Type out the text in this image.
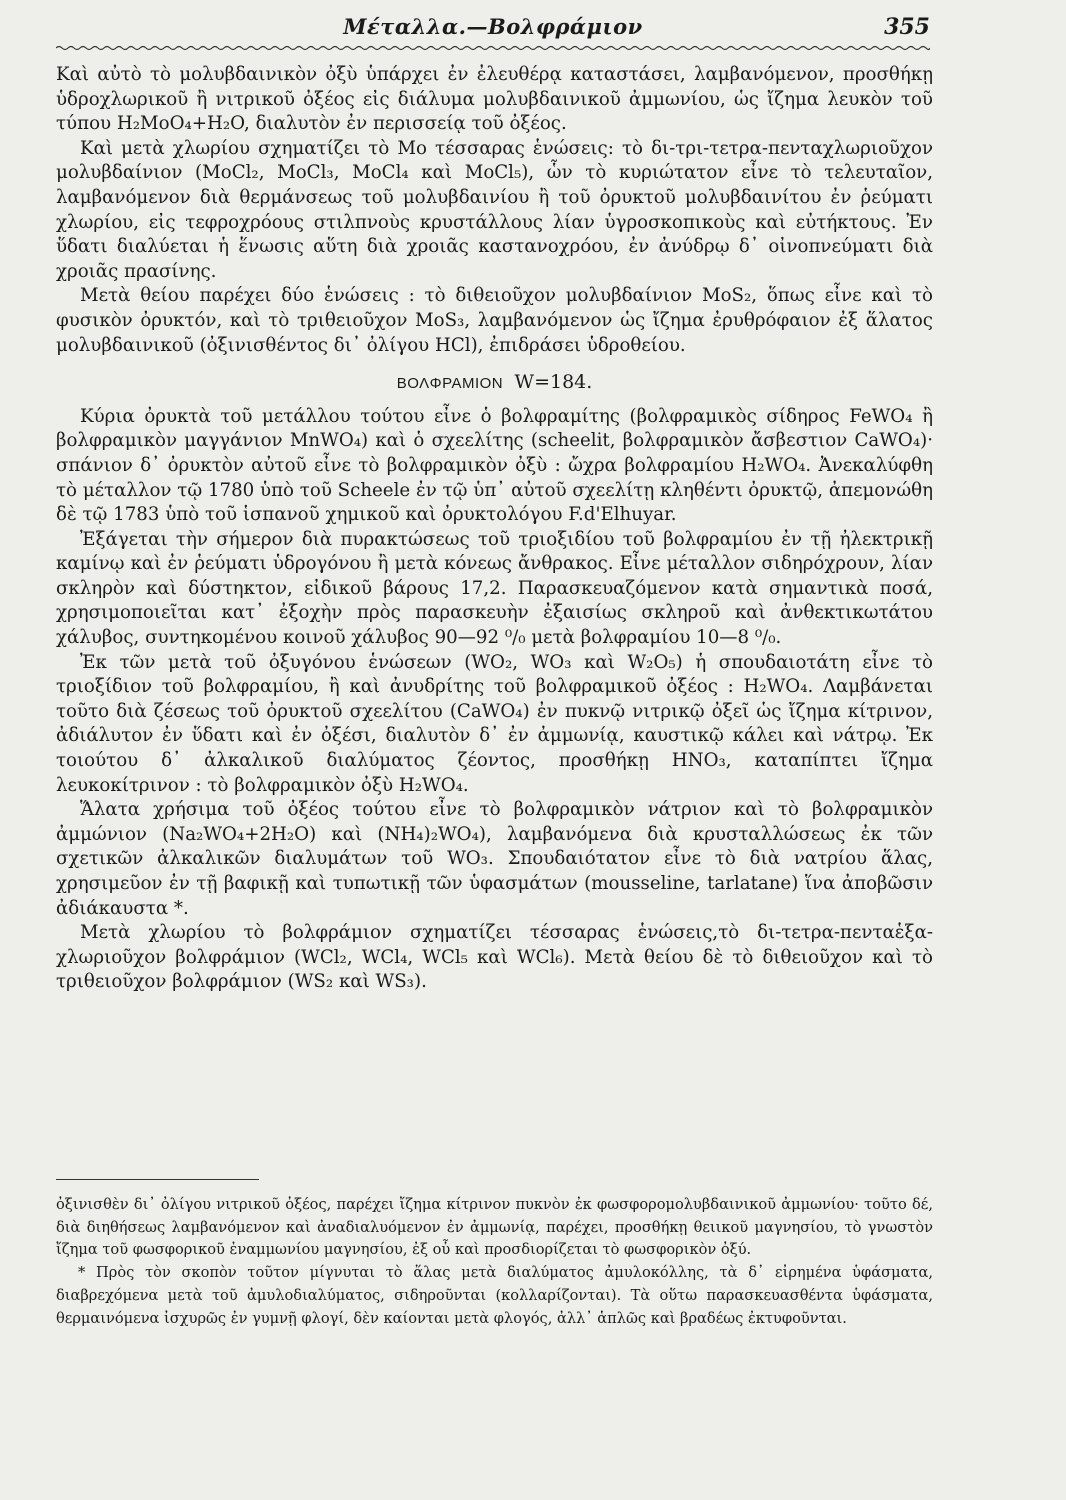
Μέταλλα.—Βολφράμιον	355

Καὶ αὐτὸ τὸ μολυβδαινικὸν ὀξὺ ὑπάρχει ἐν ἐλευθέρᾳ καταστάσει, λαμβανόμενον, προσθήκῃ ὑδροχλωρικοῦ ἢ νιτρικοῦ ὀξέος εἰς διάλυμα μολυβδαινικοῦ ἀμμωνίου, ὡς ἴζημα λευκὸν τοῦ τύπου H₂MoO₄+H₂O, διαλυτὸν ἐν περισσείᾳ τοῦ ὀξέος.

Καὶ μετὰ χλωρίου σχηματίζει τὸ Mo τέσσαρας ἑνώσεις: τὸ δι-τρι-τετρα-πενταχλωριοῦχον μολυβδαίνιον (MoCl₂, MoCl₃, MoCl₄ καὶ MoCl₅), ὧν τὸ κυριώτατον εἶνε τὸ τελευταῖον, λαμβανόμενον διὰ θερμάνσεως τοῦ μολυβδαινίου ἢ τοῦ ὀρυκτοῦ μολυβδαινίτου ἐν ῥεύματι χλωρίου, εἰς τεφροχρόους στιλπνοὺς κρυστάλλους λίαν ὑγροσκοπικοὺς καὶ εὐτήκτους. Ἐν ὕδατι διαλύεται ἡ ἕνωσις αὕτη διὰ χροιᾶς καστανοχρόου, ἐν ἀνύδρῳ δ᾽ οἰνοπνεύματι διὰ χροιᾶς πρασίνης.

Μετὰ θείου παρέχει δύο ἑνώσεις : τὸ διθειοῦχον μολυβδαίνιον MoS₂, ὅπως εἶνε καὶ τὸ φυσικὸν ὀρυκτόν, καὶ τὸ τριθειοῦχον MoS₃, λαμβανόμενον ὡς ἴζημα ἐρυθρόφαιον ἐξ ἅλατος μολυβδαινικοῦ (ὀξινισθέντος δι᾽ ὀλίγου HCl), ἐπιδράσει ὑδροθείου.

ΒΟΛΦΡΑΜΙΟΝ W=184.

Κύρια ὀρυκτὰ τοῦ μετάλλου τούτου εἶνε ὁ βολφραμίτης (βολφραμικὸς σίδηρος FeWO₄ ἢ βολφραμικὸν μαγγάνιον MnWO₄) καὶ ὁ σχεελίτης (scheelit, βολφραμικὸν ἄσβεστιον CaWO₄)· σπάνιον δ᾽ ὀρυκτὸν αὐτοῦ εἶνε τὸ βολφραμικὸν ὀξὺ : ὤχρα βολφραμίου H₂WO₄. Ἀνεκαλύφθη τὸ μέταλλον τῷ 1780 ὑπὸ τοῦ Scheele ἐν τῷ ὑπ᾽ αὐτοῦ σχεελίτῃ κληθέντι ὀρυκτῷ, ἀπεμονώθη δὲ τῷ 1783 ὑπὸ τοῦ ἱσπανοῦ χημικοῦ καὶ ὀρυκτολόγου F.d'Elhuyar.

Ἐξάγεται τὴν σήμερον διὰ πυρακτώσεως τοῦ τριοξιδίου τοῦ βολφραμίου ἐν τῇ ἠλεκτρικῇ καμίνῳ καὶ ἐν ῥεύματι ὑδρογόνου ἢ μετὰ κόνεως ἄνθρακος. Εἶνε μέταλλον σιδηρόχρουν, λίαν σκληρὸν καὶ δύστηκτον, εἰδικοῦ βάρους 17,2. Παρασκευαζόμενον κατὰ σημαντικὰ ποσά, χρησιμοποιεῖται κατ᾽ ἐξοχὴν πρὸς παρασκευὴν ἐξαισίως σκληροῦ καὶ ἀνθεκτικωτάτου χάλυβος, συντηκομένου κοινοῦ χάλυβος 90—92 ⁰/₀ μετὰ βολφραμίου 10—8 ⁰/₀.

Ἐκ τῶν μετὰ τοῦ ὀξυγόνου ἑνώσεων (WO₂, WO₃ καὶ W₂O₅) ἡ σπουδαιοτάτη εἶνε τὸ τριοξίδιον τοῦ βολφραμίου, ἢ καὶ ἀνυδρίτης τοῦ βολφραμικοῦ ὀξέος : H₂WO₄. Λαμβάνεται τοῦτο διὰ ζέσεως τοῦ ὀρυκτοῦ σχεελίτου (CaWO₄) ἐν πυκνῷ νιτρικῷ ὀξεῖ ὡς ἴζημα κίτρινον, ἀδιάλυτον ἐν ὕδατι καὶ ἐν ὀξέσι, διαλυτὸν δ᾽ ἐν ἀμμωνίᾳ, καυστικῷ κάλει καὶ νάτρῳ. Ἐκ τοιούτου δ᾽ ἀλκαλικοῦ διαλύματος ζέοντος, προσθήκῃ HNO₃, καταπίπτει ἴζημα λευκοκίτρινον : τὸ βολφραμικὸν ὀξὺ H₂WO₄.

Ἅλατα χρήσιμα τοῦ ὀξέος τούτου εἶνε τὸ βολφραμικὸν νάτριον καὶ τὸ βολφραμικὸν ἀμμώνιον (Na₂WO₄+2H₂O) καὶ (NH₄)₂WO₄), λαμβανόμενα διὰ κρυσταλλώσεως ἐκ τῶν σχετικῶν ἀλκαλικῶν διαλυμάτων τοῦ WO₃. Σπουδαιότατον εἶνε τὸ διὰ νατρίου ἅλας, χρησιμεῦον ἐν τῇ βαφικῇ καὶ τυπωτικῇ τῶν ὑφασμάτων (mousseline, tarlatane) ἵνα ἀποβῶσιν ἀδιάκαυστα *.

Μετὰ χλωρίου τὸ βολφράμιον σχηματίζει τέσσαρας ἑνώσεις,τὸ δι-τετρα-πενταἑξα-χλωριοῦχον βολφράμιον (WCl₂, WCl₄, WCl₅ καὶ WCl₆). Μετὰ θείου δὲ τὸ διθειοῦχον καὶ τὸ τριθειοῦχον βολφράμιον (WS₂ καὶ WS₃).

ὀξινισθὲν δι᾽ ὀλίγου νιτρικοῦ ὀξέος, παρέχει ἴζημα κίτρινον πυκνὸν ἐκ φωσφορομολυβδαινικοῦ ἀμμωνίου· τοῦτο δέ, διὰ διηθήσεως λαμβανόμενον καὶ ἀναδιαλυόμενον ἐν ἀμμωνίᾳ, παρέχει, προσθήκῃ θειικοῦ μαγνησίου, τὸ γνωστὸν ἴζημα τοῦ φωσφορικοῦ ἐναμμωνίου μαγνησίου, ἐξ οὗ καὶ προσδιορίζεται τὸ φωσφορικὸν ὀξύ.

* Πρὸς τὸν σκοπὸν τοῦτον μίγνυται τὸ ἅλας μετὰ διαλύματος ἀμυλοκόλλης, τὰ δ᾽ εἰρημένα ὑφάσματα, διαβρεχόμενα μετὰ τοῦ ἀμυλοδιαλύματος, σιδηροῦνται (κολλαρίζονται). Τὰ οὕτω παρασκευασθέντα ὑφάσματα, θερμαινόμενα ἰσχυρῶς ἐν γυμνῇ φλογί, δὲν καίονται μετὰ φλογός, ἀλλ᾽ ἁπλῶς καὶ βραδέως ἐκτυφοῦνται.
